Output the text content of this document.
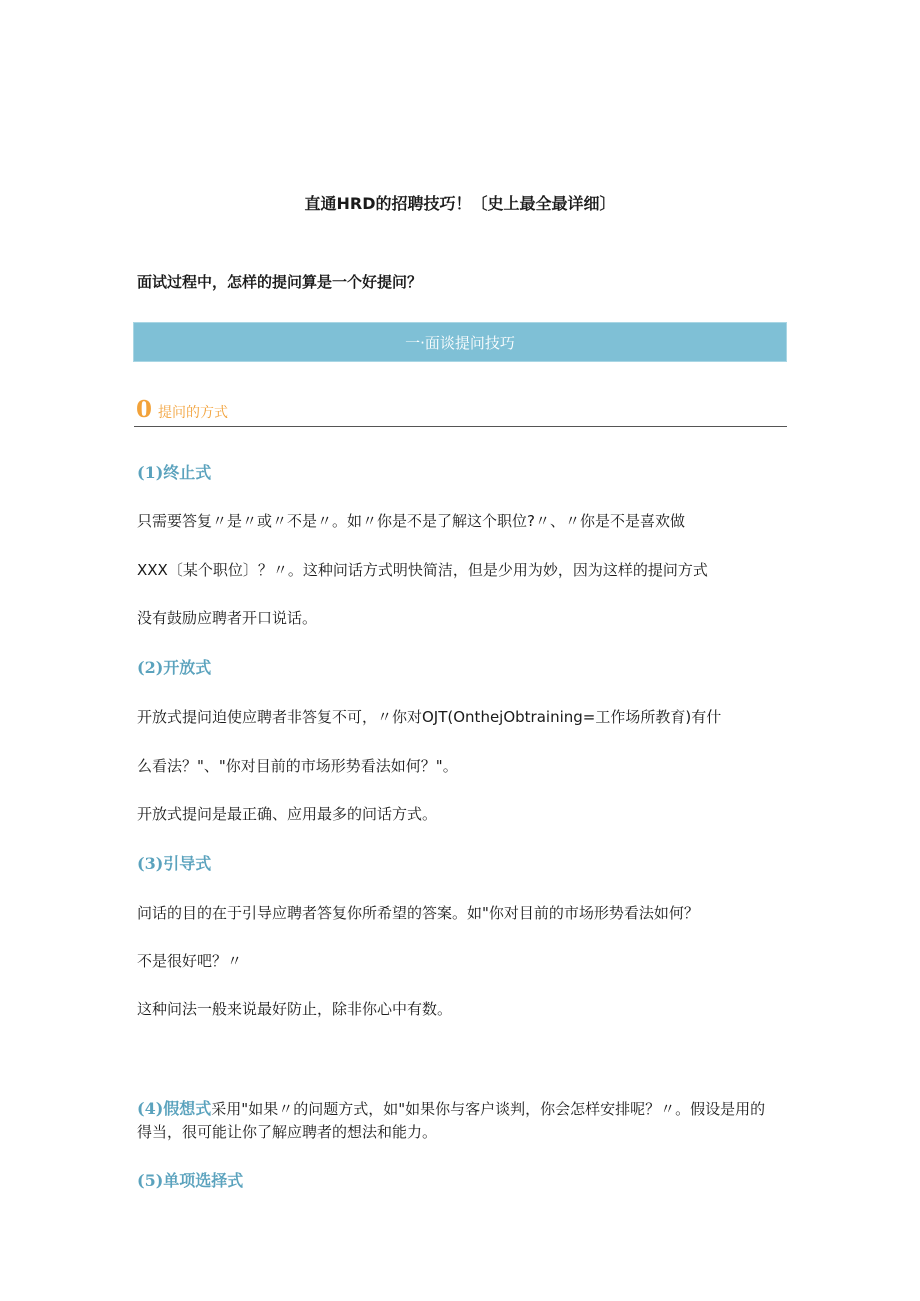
直通HRD的招聘技巧！〔史上最全最详细〕
面试过程中，怎样的提问算是一个好提问？
一·面谈提问技巧
0 提问的方式
(1)终止式
只需要答复〃是〃或〃不是〃。如〃你是不是了解这个职位?〃、〃你是不是喜欢做
XXX〔某个职位〕？〃。这种问话方式明快简洁，但是少用为妙，因为这样的提问方式
没有鼓励应聘者开口说话。
(2)开放式
开放式提问迫使应聘者非答复不可，〃你对OJT(OnthejObtraining=工作场所教育)有什
么看法？"、"你对目前的市场形势看法如何？"。
开放式提问是最正确、应用最多的问话方式。
(3)引导式
问话的目的在于引导应聘者答复你所希望的答案。如"你对目前的市场形势看法如何？
不是很好吧？〃
这种问法一般来说最好防止，除非你心中有数。
(4)假想式采用"如果〃的问题方式，如"如果你与客户谈判，你会怎样安排呢？〃。假设是用的得当，很可能让你了解应聘者的想法和能力。
(5)单项选择式
